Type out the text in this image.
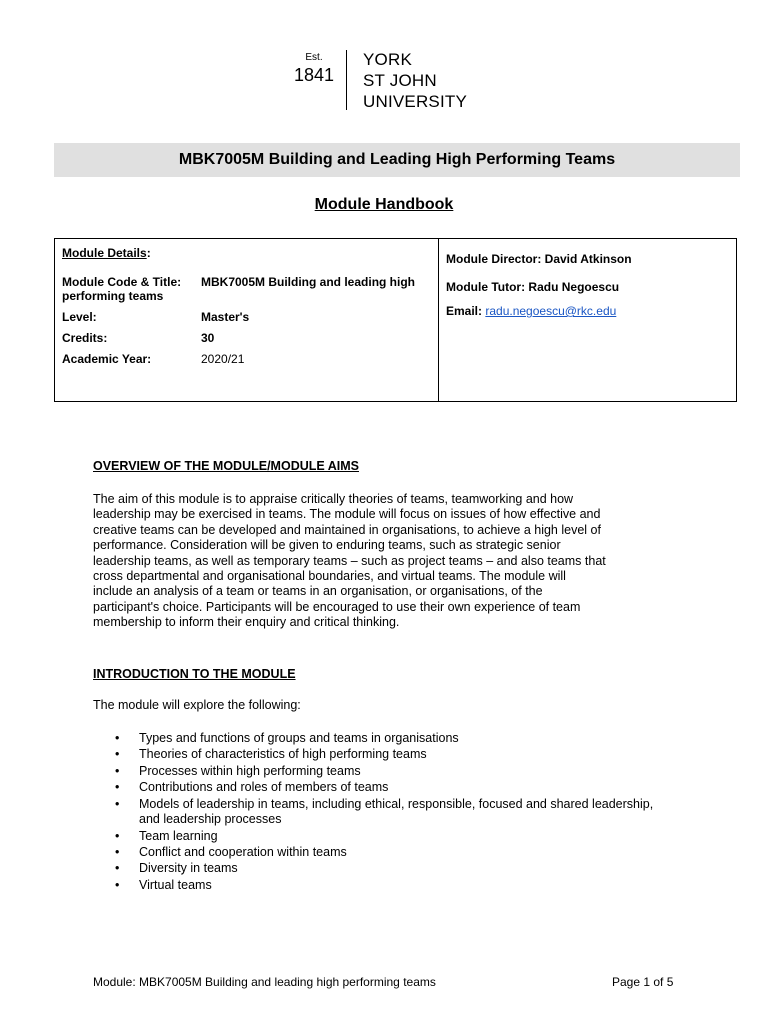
Est.
1841
YORK
ST JOHN
UNIVERSITY
MBK7005M Building and Leading High Performing Teams
Module Handbook
Module Details:
Module Code & Title: MBK7005M Building and leading high
performing teams
Level:	Master's
Credits:	30
Academic Year:	2020/21
Module Director: David Atkinson
Module Tutor: Radu Negoescu
Email: radu.negoescu@rkc.edu
OVERVIEW OF THE MODULE/MODULE AIMS
The aim of this module is to appraise critically theories of teams, teamworking and how
leadership may be exercised in teams. The module will focus on issues of how effective and
creative teams can be developed and maintained in organisations, to achieve a high level of
performance. Consideration will be given to enduring teams, such as strategic senior
leadership teams, as well as temporary teams – such as project teams – and also teams that
cross departmental and organisational boundaries, and virtual teams. The module will
include an analysis of a team or teams in an organisation, or organisations, of the
participant's choice. Participants will be encouraged to use their own experience of team
membership to inform their enquiry and critical thinking.
INTRODUCTION TO THE MODULE
The module will explore the following:
• Types and functions of groups and teams in organisations
• Theories of characteristics of high performing teams
• Processes within high performing teams
• Contributions and roles of members of teams
• Models of leadership in teams, including ethical, responsible, focused and shared leadership, and leadership processes
• Team learning
• Conflict and cooperation within teams
• Diversity in teams
• Virtual teams
Module: MBK7005M Building and leading high performing teams	Page 1 of 5
